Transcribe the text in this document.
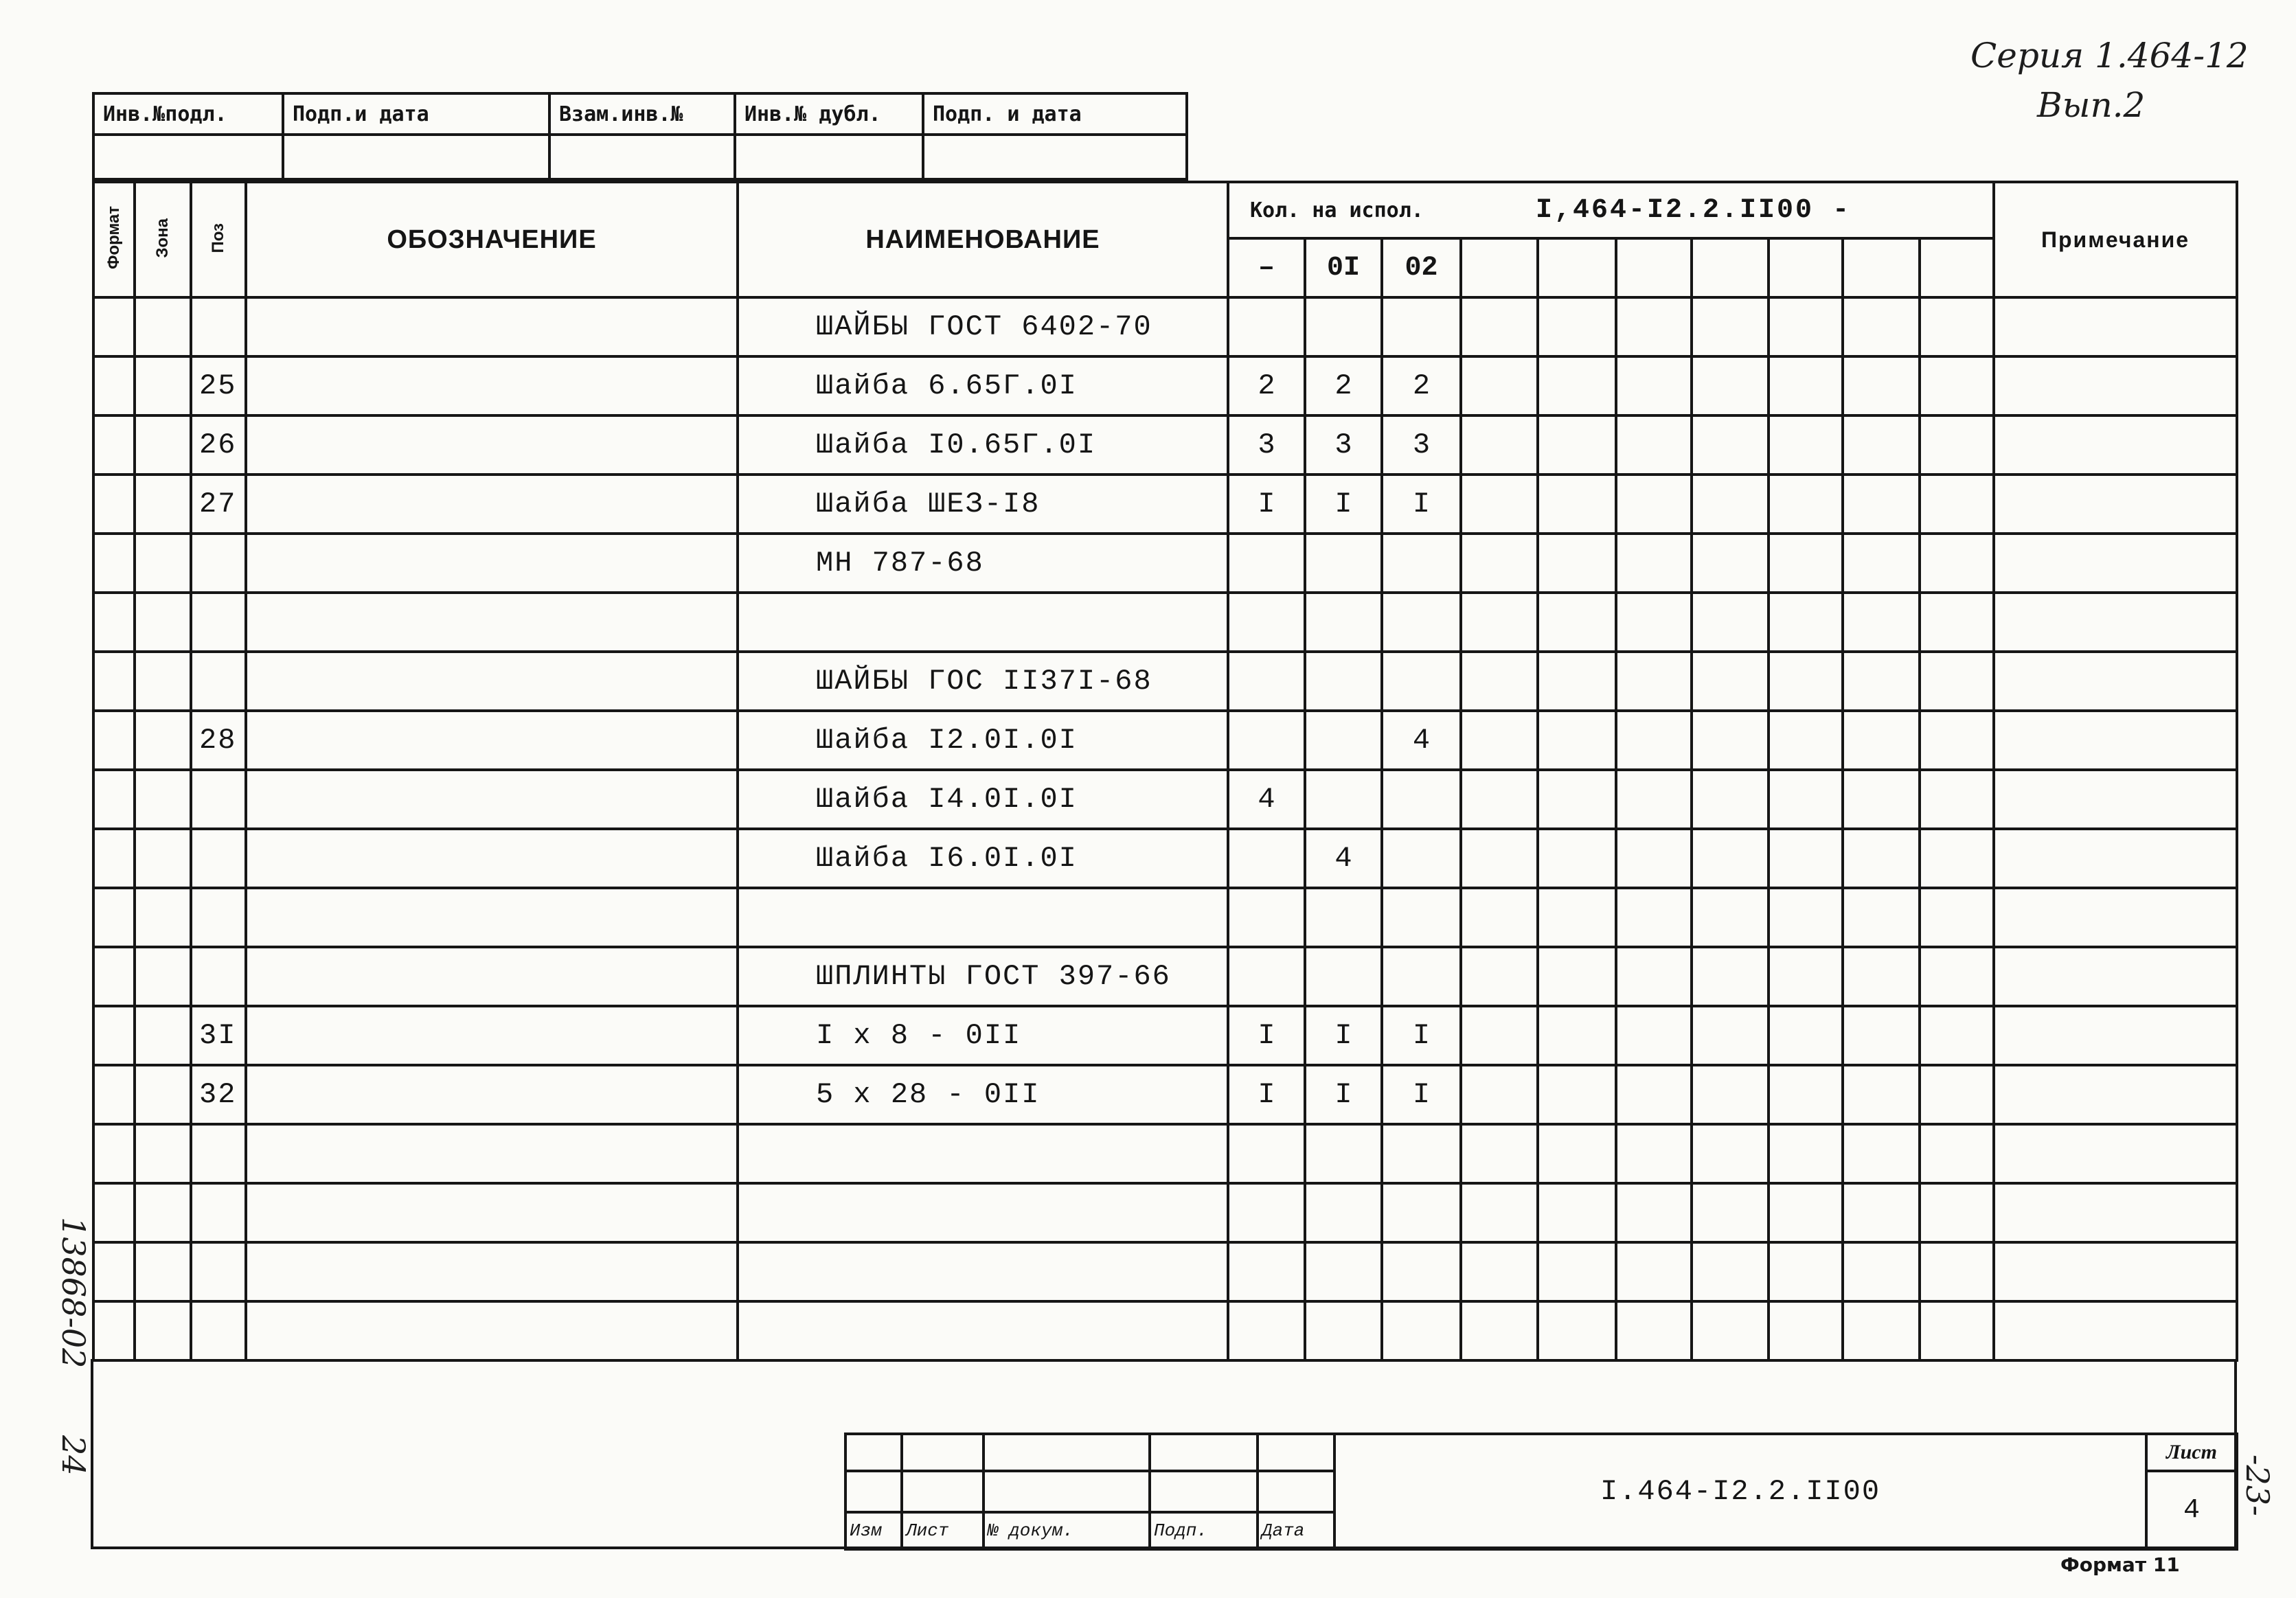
Серия 1.464-12
Вып.2
13868-02
24	-23-
Инв.№подл.	Подп.и дата	Взам.инв.№	Инв.№ дубл.	Подп. и дата

Формат	Зона	Поз	ОБОЗНАЧЕНИЕ	НАИМЕНОВАНИЕ	Кол. на испол. I,464-I2.2.II00 -										Примечание
					–	0I	02								
				ШАЙБЫ ГОСТ 6402-70											
		25		Шайба 6.65Г.0I	2	2	2								
		26		Шайба I0.65Г.0I	3	3	3								
		27		Шайба ШЕЗ-I8	I	I	I								
				МН 787-68											

				ШАЙБЫ ГОС II37I-68											
		28		Шайба I2.0I.0I			4								
				Шайба I4.0I.0I	4										
				Шайба I6.0I.0I		4									

				ШПЛИНТЫ ГОСТ 397-66											
		3I		I x 8 - 0II	I	I	I								
		32		5 x 28 - 0II	I	I	I								

					I.464-I2.2.II00	Лист
						4
Изм	Лист	№ докум.	Подп.	Дата		
Формат 11
